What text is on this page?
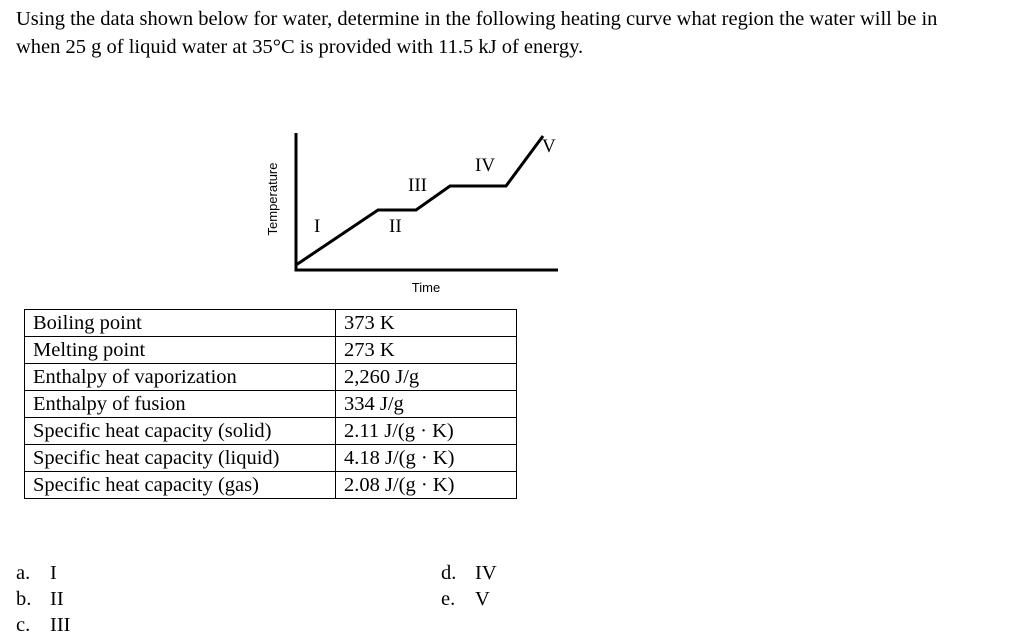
Using the data shown below for water, determine in the following heating curve what region the water will be in
when 25 g of liquid water at 35°C is provided with 11.5 kJ of energy.
Temperature
Time
I	II
III
IV
V
Boiling point	373 K
Melting point	273 K
Enthalpy of vaporization	2,260 J/g
Enthalpy of fusion	334 J/g
Specific heat capacity (solid)	2.11 J/(g · K)
Specific heat capacity (liquid)	4.18 J/(g · K)
Specific heat capacity (gas)	2.08 J/(g · K)
a. I
b. II
c. III
d. IV
e. V
